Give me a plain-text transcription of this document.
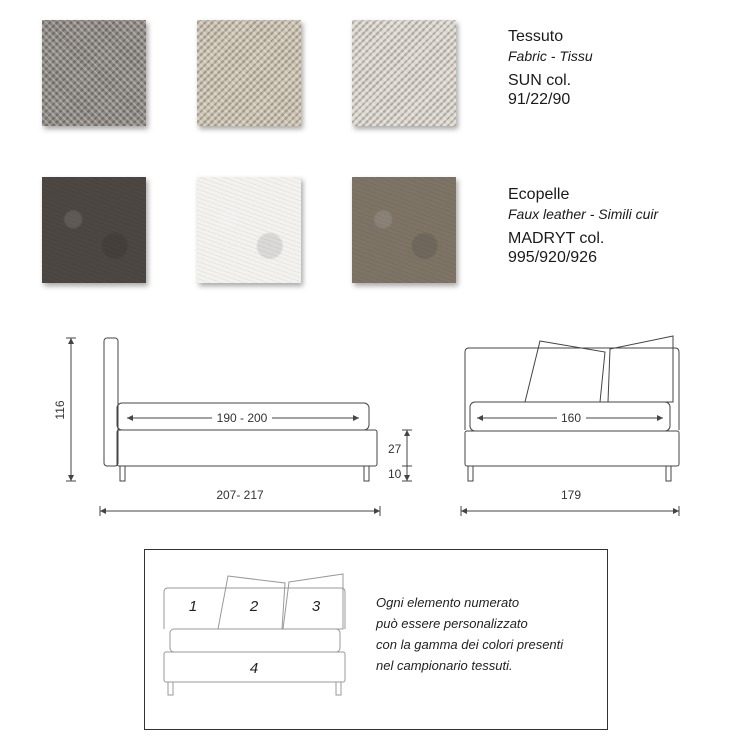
Tessuto
Fabric - Tissu
SUN col.
91/22/90
Ecopelle
Faux leather - Simili cuir
MADRYT col.
995/920/926
116	190 - 200
27
10
207- 217
160
179
1	2	3
4
Ogni elemento numerato
può essere personalizzato
con la gamma dei colori presenti
nel campionario tessuti.
